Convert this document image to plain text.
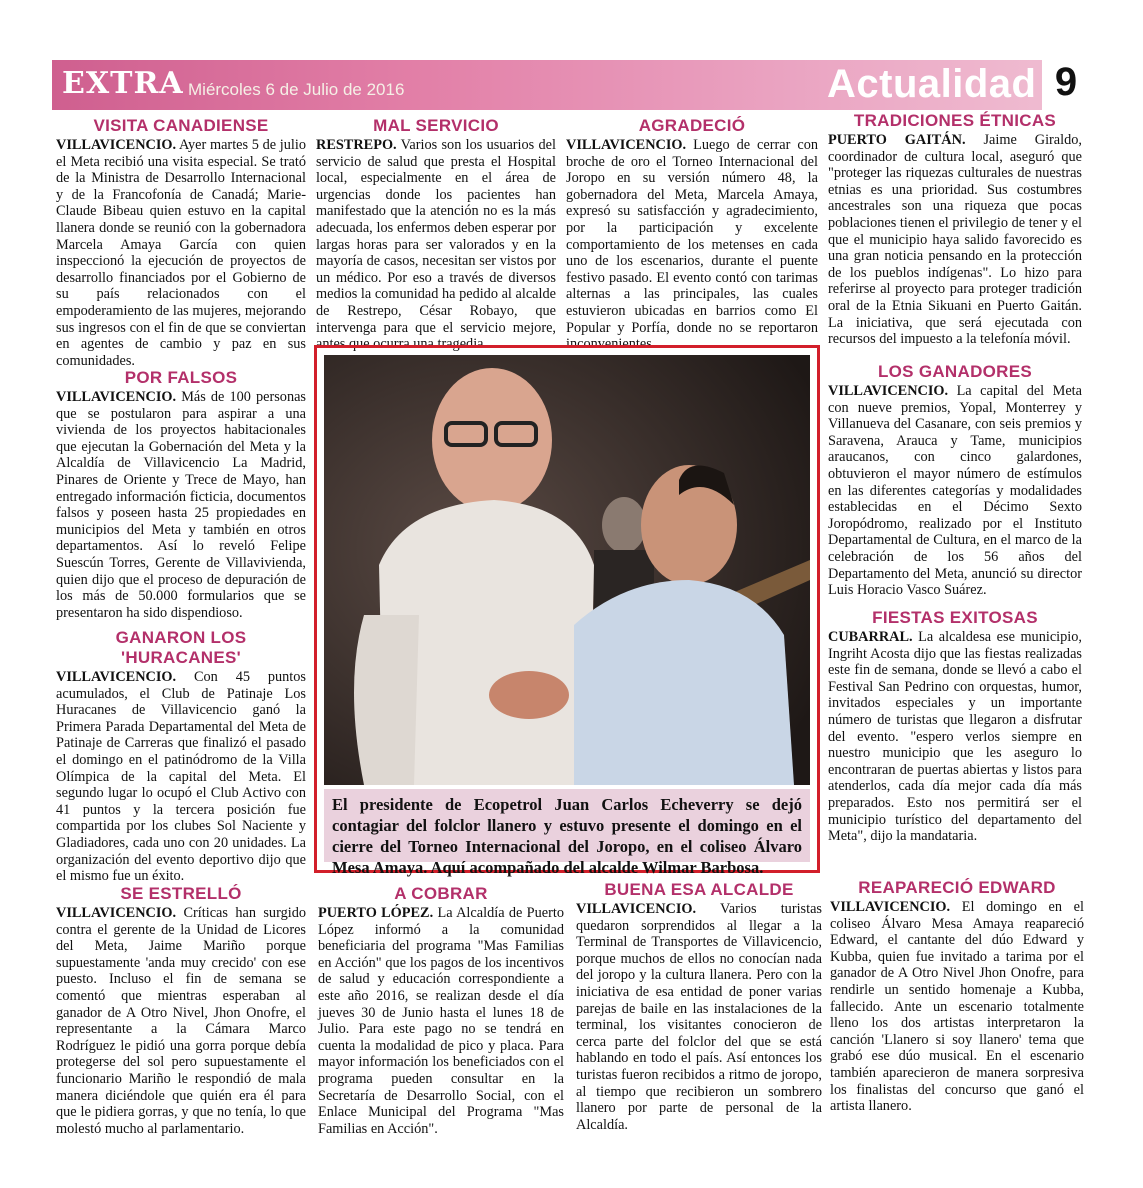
EXTRA Miércoles 6 de Julio de 2016	Actualidad 9
VISITA CANADIENSE

VILLAVICENCIO. Ayer martes 5 de julio el Meta recibió una visita especial. Se trató de la Ministra de Desarrollo Internacional y de la Francofonía de Canadá; Marie-Claude Bibeau quien estuvo en la capital llanera donde se reunió con la gobernadora Marcela Amaya García con quien inspeccionó la ejecución de proyectos de desarrollo financiados por el Gobierno de su país relacionados con el empoderamiento de las mujeres, mejorando sus ingresos con el fin de que se conviertan en agentes de cambio y paz en sus comunidades.

POR FALSOS

VILLAVICENCIO. Más de 100 personas que se postularon para aspirar a una vivienda de los proyectos habitacionales que ejecutan la Gobernación del Meta y la Alcaldía de Villavicencio La Madrid, Pinares de Oriente y Trece de Mayo, han entregado información ficticia, documentos falsos y poseen hasta 25 propiedades en municipios del Meta y también en otros departamentos. Así lo reveló Felipe Suescún Torres, Gerente de Villaviviendа, quien dijo que el proceso de depuración de los más de 50.000 formularios que se presentaron ha sido dispendioso.

GANARON LOS 'HURACANES'

VILLAVICENCIO. Con 45 puntos acumulados, el Club de Patinaje Los Huracanes de Villavicencio ganó la Primera Parada Departamental del Meta de Patinaje de Carreras que finalizó el pasado el domingo en el patinódromo de la Villa Olímpica de la capital del Meta. El segundo lugar lo ocupó el Club Activo con 41 puntos y la tercera posición fue compartida por los clubes Sol Naciente y Gladiadores, cada uno con 20 unidades. La organización del evento deportivo dijo que el mismo fue un éxito.

SE ESTRELLÓ

VILLAVICENCIO. Críticas han surgido contra el gerente de la Unidad de Licores del Meta, Jaime Mariño porque supuestamente 'anda muy crecido' con ese puesto. Incluso el fin de semana se comentó que mientras esperaban al ganador de A Otro Nivel, Jhon Onofre, el representante a la Cámara Marco Rodríguez le pidió una gorra porque debía protegerse del sol pero supuestamente el funcionario Mariño le respondió de mala manera diciéndole que quién era él para que le pidiera gorras, y que no tenía, lo que molestó mucho al parlamentario.

MAL SERVICIO

RESTREPO. Varios son los usuarios del servicio de salud que presta el Hospital local, especialmente en el área de urgencias donde los pacientes han manifestado que la atención no es la más adecuada, los enfermos deben esperar por largas horas para ser valorados y en la mayoría de casos, necesitan ser vistos por un médico. Por eso a través de diversos medios la comunidad ha pedido al alcalde de Restrepo, César Robayo, que intervenga para que el servicio mejore, antes que ocurra una tragedia.

AGRADECIÓ

VILLAVICENCIO. Luego de cerrar con broche de oro el Torneo Internacional del Joropo en su versión número 48, la gobernadora del Meta, Marcela Amaya, expresó su satisfacción y agradecimiento, por la participación y excelente comportamiento de los metenses en cada uno de los escenarios, durante el puente festivo pasado. El evento contó con tarimas alternas a las principales, las cuales estuvieron ubicadas en barrios como El Popular y Porfía, donde no se reportaron inconvenientes.

TRADICIONES ÉTNICAS

PUERTO GAITÁN. Jaime Giraldo, coordinador de cultura local, aseguró que "proteger las riquezas culturales de nuestras etnias es una prioridad. Sus costumbres ancestrales son una riqueza que pocas poblaciones tienen el privilegio de tener y el que el municipio haya salido favorecido es una gran noticia pensando en la protección de los pueblos indígenas". Lo hizo para referirse al proyecto para proteger tradición oral de la Etnia Sikuani en Puerto Gaitán. La iniciativa, que será ejecutada con recursos del impuesto a la telefonía móvil.

LOS GANADORES

VILLAVICENCIO. La capital del Meta con nueve premios, Yopal, Monterrey y Villanueva del Casanare, con seis premios y Saravena, Arauca y Tame, municipios araucanos, con cinco galardones, obtuvieron el mayor número de estímulos en las diferentes categorías y modalidades establecidas en el Décimo Sexto Joropódromo, realizado por el Instituto Departamental de Cultura, en el marco de la celebración de los 56 años del Departamento del Meta, anunció su director Luis Horacio Vasco Suárez.

FIESTAS EXITOSAS

CUBARRAL. La alcaldesa ese municipio, Ingriht Acosta dijo que las fiestas realizadas este fin de semana, donde se llevó a cabo el Festival San Pedrino con orquestas, humor, invitados especiales y un importante número de turistas que llegaron a disfrutar del evento. "espero verlos siempre en nuestro municipio que les aseguro lo encontraran de puertas abiertas y listos para atenderlos, cada día mejor cada día más preparados. Esto nos permitirá ser el municipio turístico del departamento del Meta", dijo la mandataria.

A COBRAR

PUERTO LÓPEZ. La Alcaldía de Puerto López informó a la comunidad beneficiaria del programa "Mas Familias en Acción" que los pagos de los incentivos de salud y educación correspondiente a este año 2016, se realizan desde el día jueves 30 de Junio hasta el lunes 18 de Julio. Para este pago no se tendrá en cuenta la modalidad de pico y placa. Para mayor información los beneficiados con el programa pueden consultar en la Secretaría de Desarrollo Social, con el Enlace Municipal del Programa "Mas Familias en Acción".

BUENA ESA ALCALDE

VILLAVICENCIO. Varios turistas quedaron sorprendidos al llegar a la Terminal de Transportes de Villavicencio, porque muchos de ellos no conocían nada del joropo y la cultura llanera. Pero con la iniciativa de esa entidad de poner varias parejas de baile en las instalaciones de la terminal, los visitantes conocieron de cerca parte del folclor del que se está hablando en todo el país. Así entonces los turistas fueron recibidos a ritmo de joropo, al tiempo que recibieron un sombrero llanero por parte de personal de la Alcaldía.

REAPARECIÓ EDWARD

VILLAVICENCIO. El domingo en el coliseo Álvaro Mesa Amaya reapareció Edward, el cantante del dúo Edward y Kubba, quien fue invitado a tarima por el ganador de A Otro Nivel Jhon Onofre, para rendirle un sentido homenaje a Kubba, fallecido. Ante un escenario totalmente lleno los dos artistas interpretaron la canción 'Llanero si soy llanero' tema que grabó ese dúo musical. En el escenario también aparecieron de manera sorpresiva los finalistas del concurso que ganó el artista llanero.

El presidente de Ecopetrol Juan Carlos Echeverry se dejó contagiar del folclor llanero y estuvo presente el domingo en el cierre del Torneo Internacional del Joropo, en el coliseo Álvaro Mesa Amaya. Aquí acompañado del alcalde Wilmar Barbosa.
